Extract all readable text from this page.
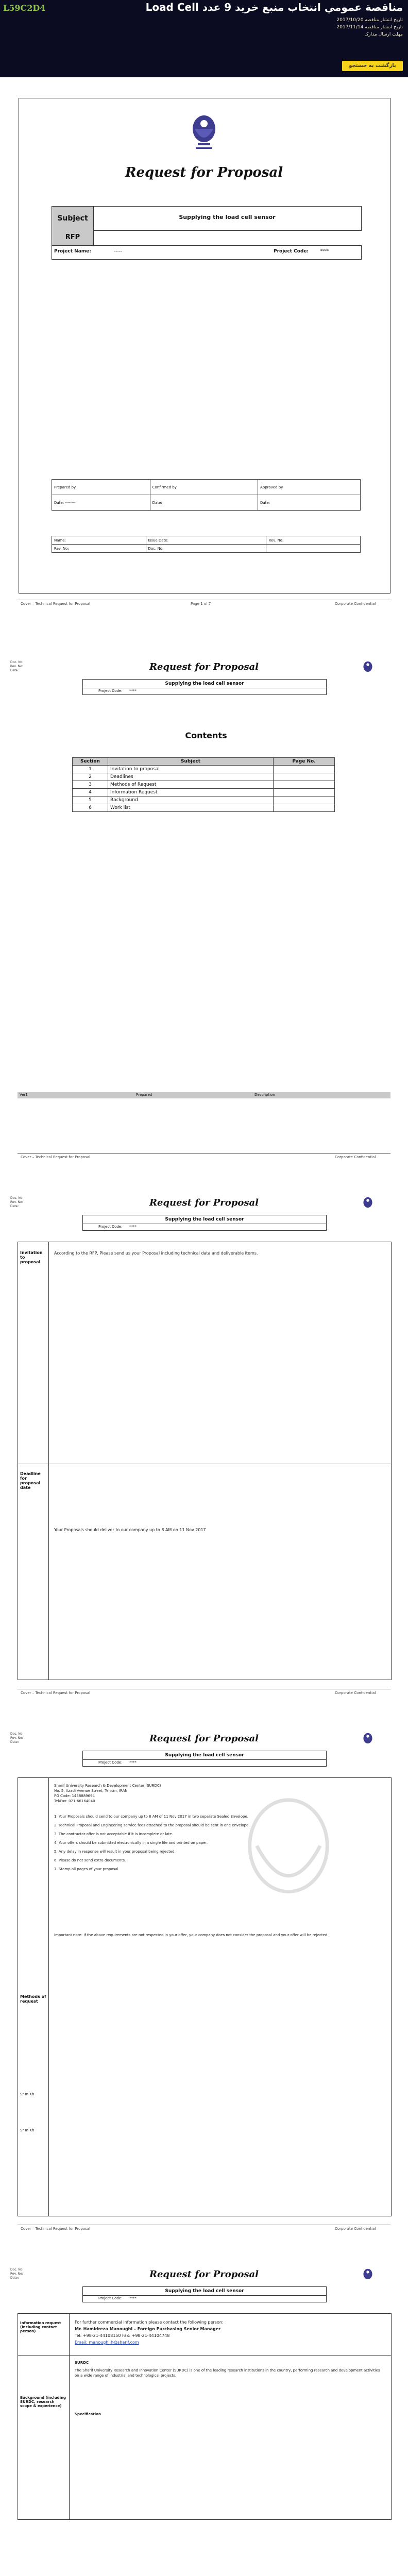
L59C2D4	مناقصة عمومي انتخاب منبع خريد 9 عدد Load Cell
تاريخ انتشار مناقصه 2017/10/20
تاريخ انتشار مناقصه 2017/11/14
مهلت ارسال مدارک
بازگشت به جستجو
Request for Proposal
Subject	Supplying the load cell sensor
RFP
Project Name:	-----	Project Code: ****
Prepared by	Confirmed by	Approved by
Date: --------	Date:	Date:
Name:	Issue Date:	Rev. No:
Rev. No:	Doc. No:	
Cover – Technical Request for Proposal	Page 1 of 7	Corporate Confidential
Doc. No:
Rev. No:
Date:	Request for Proposal
Supplying the load cell sensor
Project Code: ****
Contents
Section	Subject	Page No.
1	Invitation to proposal	
2	Deadlines	
3	Methods of Request	
4	Information Request	
5	Background	
6	Work list	
Ver1	Prepared	Description
Cover – Technical Request for Proposal	Corporate Confidential
Doc. No:
Rev. No:
Date:	Request for Proposal
Supplying the load cell sensor
Project Code: ****
Invitation to proposal
According to the RFP, Please send us your Proposal including technical data and deliverable items.
Deadline for proposal date
Your Proposals should deliver to our company up to 8 AM on 11 Nov 2017
Cover – Technical Request for Proposal	Corporate Confidential
Doc. No:
Rev. No:
Date:	Request for Proposal
Supplying the load cell sensor
Project Code: ****
Methods of request
Sr In Kh
Sr In Kh
Sharif University Research & Development Center (SURDC)
No. 5, Azadi Avenue Street, Tehran, IRAN
PO Code: 1458889694
Tel/Fax: 021-66164040
1. Your Proposals should send to our company up to 8 AM of 11 Nov 2017 in two separate Sealed Envelope.
2. Technical Proposal and Engineering service fees attached to the proposal should be sent in one envelope.
3. The contractor offer is not acceptable if it is incomplete or late.
4. Your offers should be submitted electronically in a single file and printed on paper.
5. Any delay in response will result in your proposal being rejected.
6. Please do not send extra documents.
7. Stamp all pages of your proposal.
Important note: If the above requirements are not respected in your offer, your company does not consider the proposal and your offer will be rejected.
Cover – Technical Request for Proposal	Corporate Confidential
Doc. No:
Rev. No:
Date:	Request for Proposal
Supplying the load cell sensor
Project Code: ****
Information request (including contact person)
For further commercial information please contact the following person:
Mr. Hamidreza Manoughi – Foreign Purchasing Senior Manager
Tel: +98-21-44108150 Fax: +98-21-44104748
Email: manoughi.h@sharif.com
Background (including SURDC, research scope & experience)
SURDC
The Sharif University Research and Innovation Center (SURDC) is one of the leading research institutions in the country, performing research and development activities on a wide range of industrial and technological projects.
Specification
